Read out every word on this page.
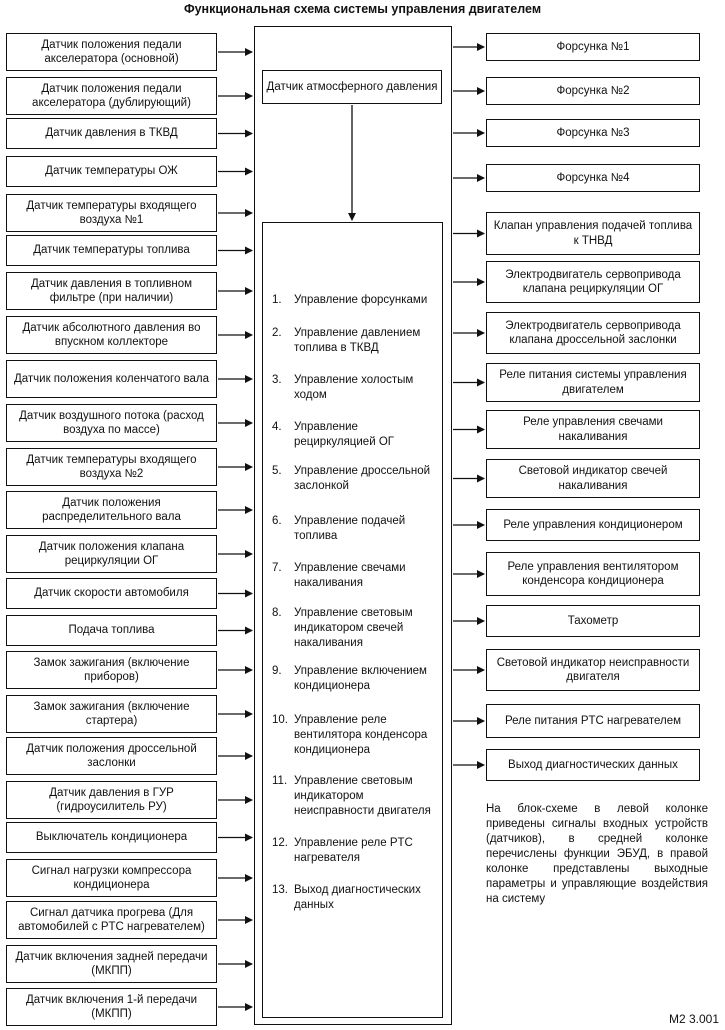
Функциональная схема системы управления двигателем
Датчик атмосферного давления
Датчик положения педали акселератора (основной)
Датчик положения педали акселератора (дублирующий)
Датчик давления в ТКВД
Датчик температуры ОЖ
Датчик температуры входящего воздуха №1
Датчик температуры топлива
Датчик давления в топливном фильтре (при наличии)
Датчик абсолютного давления во впускном коллекторе
Датчик положения коленчатого вала
Датчик воздушного потока (расход воздуха по массе)
Датчик температуры входящего воздуха №2
Датчик положения распределительного вала
Датчик положения клапана рециркуляции ОГ
Датчик скорости автомобиля
Подача топлива
Замок зажигания (включение приборов)
Замок зажигания (включение стартера)
Датчик положения дроссельной заслонки
Датчик давления в ГУР (гидроусилитель РУ)
Выключатель кондиционера
Сигнал нагрузки компрессора кондиционера
Сигнал датчика прогрева (Для автомобилей с PTC нагревателем)
Датчик включения задней передачи (МКПП)
Датчик включения 1-й передачи (МКПП)
Форсунка №1
Форсунка №2
Форсунка №3
Форсунка №4
Клапан управления подачей топлива к ТНВД
Электродвигатель сервопривода клапана рециркуляции ОГ
Электродвигатель сервопривода клапана дроссельной заслонки
Реле питания системы управления двигателем
Реле управления свечами накаливания
Световой индикатор свечей накаливания
Реле управления кондиционером
Реле управления вентилятором конденсора кондиционера
Тахометр
Световой индикатор неисправности двигателя
Реле питания PTC нагревателем
Выход диагностических данных
1.	Управление форсунками
2.	Управление давлением топлива в ТКВД
3.	Управление холостым ходом
4.	Управление рециркуляцией ОГ
5.	Управление дроссельной заслонкой
6.	Управление подачей топлива
7.	Управление свечами накаливания
8.	Управление световым индикатором свечей накаливания
9.	Управление включением кондиционера
10. Управление реле вентилятора конденсора кондиционера
11. Управление световым индикатором неисправности двигателя
12. Управление реле PTC нагревателя
13. Выход диагностических данных
На блок-схеме в левой колонке приведены сигналы входных устройств (датчиков), в средней колонке перечислены функции ЭБУД, в правой колонке представлены выходные параметры и управляющие воздействия на систему
M2 3.001
